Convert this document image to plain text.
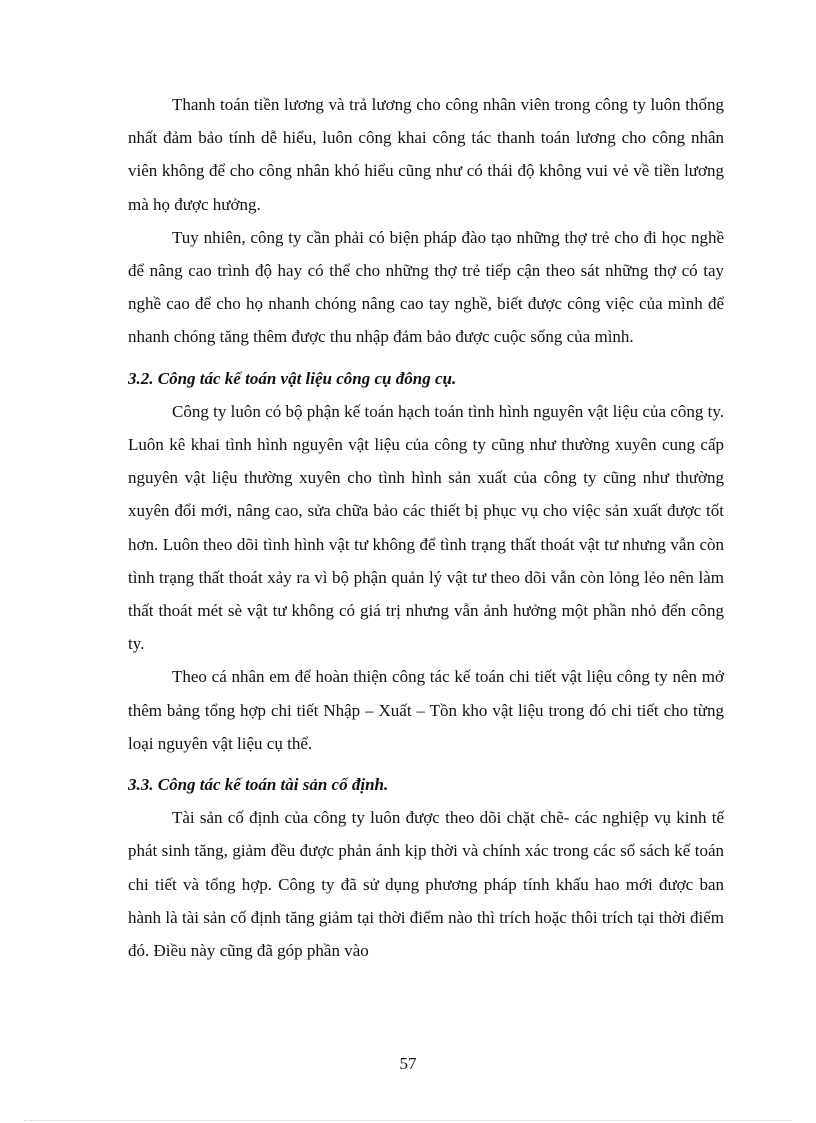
Thanh toán tiền lương và trả lương cho công nhân viên trong công ty luôn thống nhất đảm bảo tính dễ hiểu, luôn công khai công tác thanh toán lương cho công nhân viên không để cho công nhân khó hiểu cũng như có thái độ không vui vẻ về tiền lương mà họ được hưởng.

Tuy nhiên, công ty cần phải có biện pháp đào tạo những thợ trẻ cho đi học nghề để nâng cao trình độ hay có thể cho những thợ trẻ tiếp cận theo sát những thợ có tay nghề cao để cho họ nhanh chóng nâng cao tay nghề, biết được công việc của mình để nhanh chóng tăng thêm được thu nhập đảm bảo được cuộc sống của mình.

3.2. Công tác kế toán vật liệu công cụ đông cụ.

Công ty luôn có bộ phận kế toán hạch toán tình hình nguyên vật liệu của công ty. Luôn kê khai tình hình nguyên vật liệu của công ty cũng như thường xuyên cung cấp nguyên vật liệu thường xuyên cho tình hình sản xuất của công ty cũng như thường xuyên đổi mới, nâng cao, sửa chữa bảo các thiết bị phục vụ cho việc sản xuất được tốt hơn. Luôn theo dõi tình hình vật tư không để tình trạng thất thoát vật tư nhưng vẫn còn tình trạng thất thoát xảy ra vì bộ phận quản lý vật tư theo dõi vẫn còn lỏng lẻo nên làm thất thoát mét sè vật tư không có giá trị nhưng vẫn ảnh hưởng một phần nhỏ đến công ty.

Theo cá nhân em để hoàn thiện công tác kế toán chi tiết vật liệu công ty nên mở thêm bảng tổng hợp chi tiết Nhập – Xuất – Tồn kho vật liệu trong đó chi tiết cho từng loại nguyên vật liệu cụ thể.

3.3. Công tác kế toán tài sản cố định.

Tài sản cố định của công ty luôn được theo dõi chặt chẽ- các nghiệp vụ kinh tế phát sinh tăng, giảm đều được phản ánh kịp thời và chính xác trong các sổ sách kế toán chi tiết và tổng hợp. Công ty đã sử dụng phương pháp tính khấu hao mới được ban hành là tài sản cố định tăng giảm tại thời điểm nào thì trích hoặc thôi trích tại thời điểm đó. Điều này cũng đã góp phần vào

57
